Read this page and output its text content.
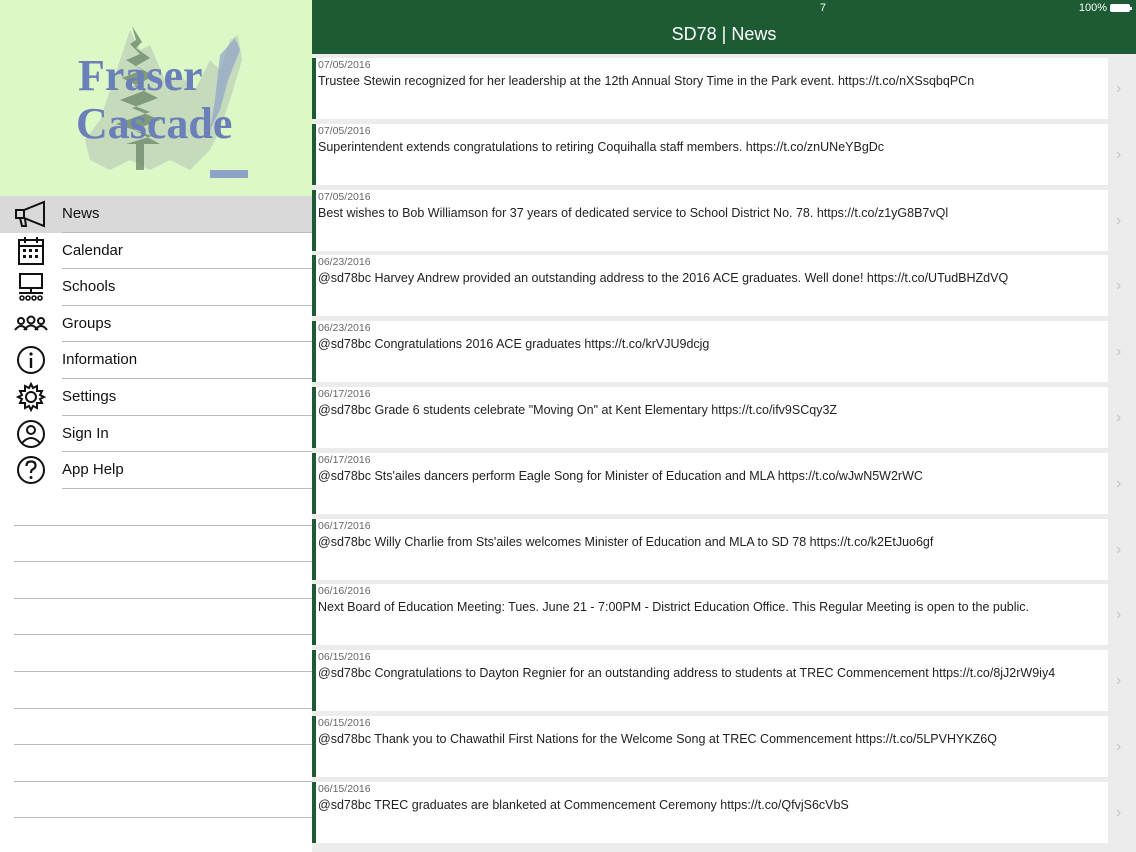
Fraser
Cascade
News
Calendar
Schools
Groups
Information
Settings
Sign In
App Help
7	100%
SD78 | News
07/05/2016
Trustee Stewin recognized for her leadership at the 12th Annual Story Time in the Park event. https://t.co/nXSsqbqPCn	›
07/05/2016
Superintendent extends congratulations to retiring Coquihalla staff members. https://t.co/znUNeYBgDc	›
07/05/2016
Best wishes to Bob Williamson for 37 years of dedicated service to School District No. 78. https://t.co/z1yG8B7vQl	›
06/23/2016
@sd78bc Harvey Andrew provided an outstanding address to the 2016 ACE graduates. Well done! https://t.co/UTudBHZdVQ	›
06/23/2016
@sd78bc Congratulations 2016 ACE graduates https://t.co/krVJU9dcjg	›
06/17/2016
@sd78bc Grade 6 students celebrate "Moving On" at Kent Elementary https://t.co/ifv9SCqy3Z	›
06/17/2016
@sd78bc Sts'ailes dancers perform Eagle Song for Minister of Education and MLA https://t.co/wJwN5W2rWC	›
06/17/2016
@sd78bc Willy Charlie from Sts'ailes welcomes Minister of Education and MLA to SD 78 https://t.co/k2EtJuo6gf	›
06/16/2016
Next Board of Education Meeting: Tues. June 21 - 7:00PM - District Education Office. This Regular Meeting is open to the public.	›
06/15/2016
@sd78bc Congratulations to Dayton Regnier for an outstanding address to students at TREC Commencement https://t.co/8jJ2rW9iy4	›
06/15/2016
@sd78bc Thank you to Chawathil First Nations for the Welcome Song at TREC Commencement https://t.co/5LPVHYKZ6Q	›
06/15/2016
@sd78bc TREC graduates are blanketed at Commencement Ceremony https://t.co/QfvjS6cVbS	›
